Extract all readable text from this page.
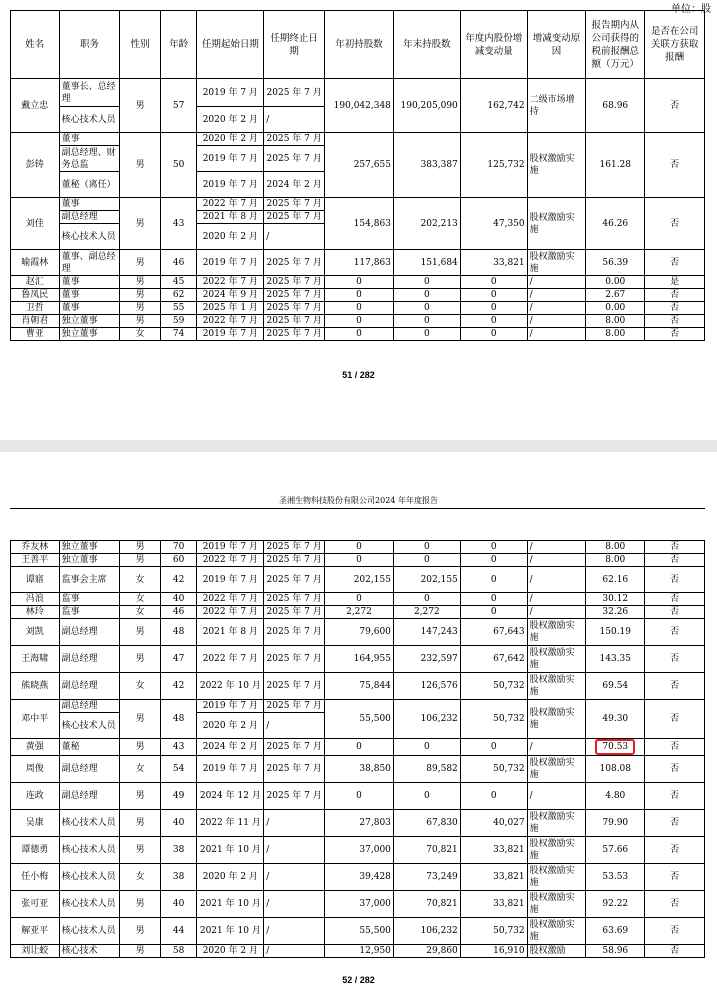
单位：股
姓名	职务	性别	年龄	任期起始日期	任期终止日期	年初持股数	年末持股数	年度内股份增减变动量	增减变动原因	报告期内从公司获得的税前报酬总额（万元）	是否在公司关联方获取报酬
戴立忠	董事长、总经理	男	57	2019 年 7 月	2025 年 7 月	190,042,348	190,205,090	162,742	二级市场增持	68.96	否
	核心技术人员			2020 年 2 月	/						
彭铸	董事	男	50	2020 年 2 月	2025 年 7 月	257,655	383,387	125,732	股权激励实施	161.28	否
	副总经理、财务总监			2019 年 7 月	2025 年 7 月						
	董秘（离任）			2019 年 7 月	2024 年 2 月						
刘佳	董事	男	43	2022 年 7 月	2025 年 7 月	154,863	202,213	47,350	股权激励实施	46.26	否
	副总经理			2021 年 8 月	2025 年 7 月						
	核心技术人员			2020 年 2 月	/						
喻霞林	董事、副总经理	男	46	2019 年 7 月	2025 年 7 月	117,863	151,684	33,821	股权激励实施	56.39	否
赵汇	董事	男	45	2022 年 7 月	2025 年 7 月	0	0	0	/	0.00	是
鲁凤民	董事	男	62	2024 年 9 月	2025 年 7 月	0	0	0	/	2.67	否
卫哲	董事	男	55	2025 年 1 月	2025 年 7 月	0	0	0	/	0.00	否
肖朝君	独立董事	男	59	2022 年 7 月	2025 年 7 月	0	0	0	/	8.00	否
曹亚	独立董事	女	74	2019 年 7 月	2025 年 7 月	0	0	0	/	8.00	否
51 / 282
圣湘生物科技股份有限公司2024 年年度报告
乔友林	独立董事	男	70	2019 年 7 月	2025 年 7 月	0	0	0	/	8.00	否
王善平	独立董事	男	60	2022 年 7 月	2025 年 7 月	0	0	0	/	8.00	否
谭寤	监事会主席	女	42	2019 年 7 月	2025 年 7 月	202,155	202,155	0	/	62.16	否
冯浪	监事	女	40	2022 年 7 月	2025 年 7 月	0	0	0	/	30.12	否
林玲	监事	女	46	2022 年 7 月	2025 年 7 月	2,272	2,272	0	/	32.26	否
刘凯	副总经理	男	48	2021 年 8 月	2025 年 7 月	79,600	147,243	67,643	股权激励实施	150.19	否
王海啸	副总经理	男	47	2022 年 7 月	2025 年 7 月	164,955	232,597	67,642	股权激励实施	143.35	否
熊晓燕	副总经理	女	42	2022 年 10 月	2025 年 7 月	75,844	126,576	50,732	股权激励实施	69.54	否
邓中平	副总经理	男	48	2019 年 7 月	2025 年 7 月	55,500	106,232	50,732	股权激励实施	49.30	否
	核心技术人员			2020 年 2 月	/						
黄强	董秘	男	43	2024 年 2 月	2025 年 7 月	0	0	0	/	70.53	否
周俊	副总经理	女	54	2019 年 7 月	2025 年 7 月	38,850	89,582	50,732	股权激励实施	108.08	否
连政	副总经理	男	49	2024 年 12 月	2025 年 7 月	0	0	0	/	4.80	否
吴康	核心技术人员	男	40	2022 年 11 月	/	27,803	67,830	40,027	股权激励实施	79.90	否
谭德勇	核心技术人员	男	38	2021 年 10 月	/	37,000	70,821	33,821	股权激励实施	57.66	否
任小梅	核心技术人员	女	38	2020 年 2 月	/	39,428	73,249	33,821	股权激励实施	53.53	否
张可亚	核心技术人员	男	40	2021 年 10 月	/	37,000	70,821	33,821	股权激励实施	92.22	否
解亚平	核心技术人员	男	44	2021 年 10 月	/	55,500	106,232	50,732	股权激励实施	63.69	否
刘让蛟	核心技术	男	58	2020 年 2 月	/	12,950	29,860	16,910	股权激励	58.96	否
52 / 282
